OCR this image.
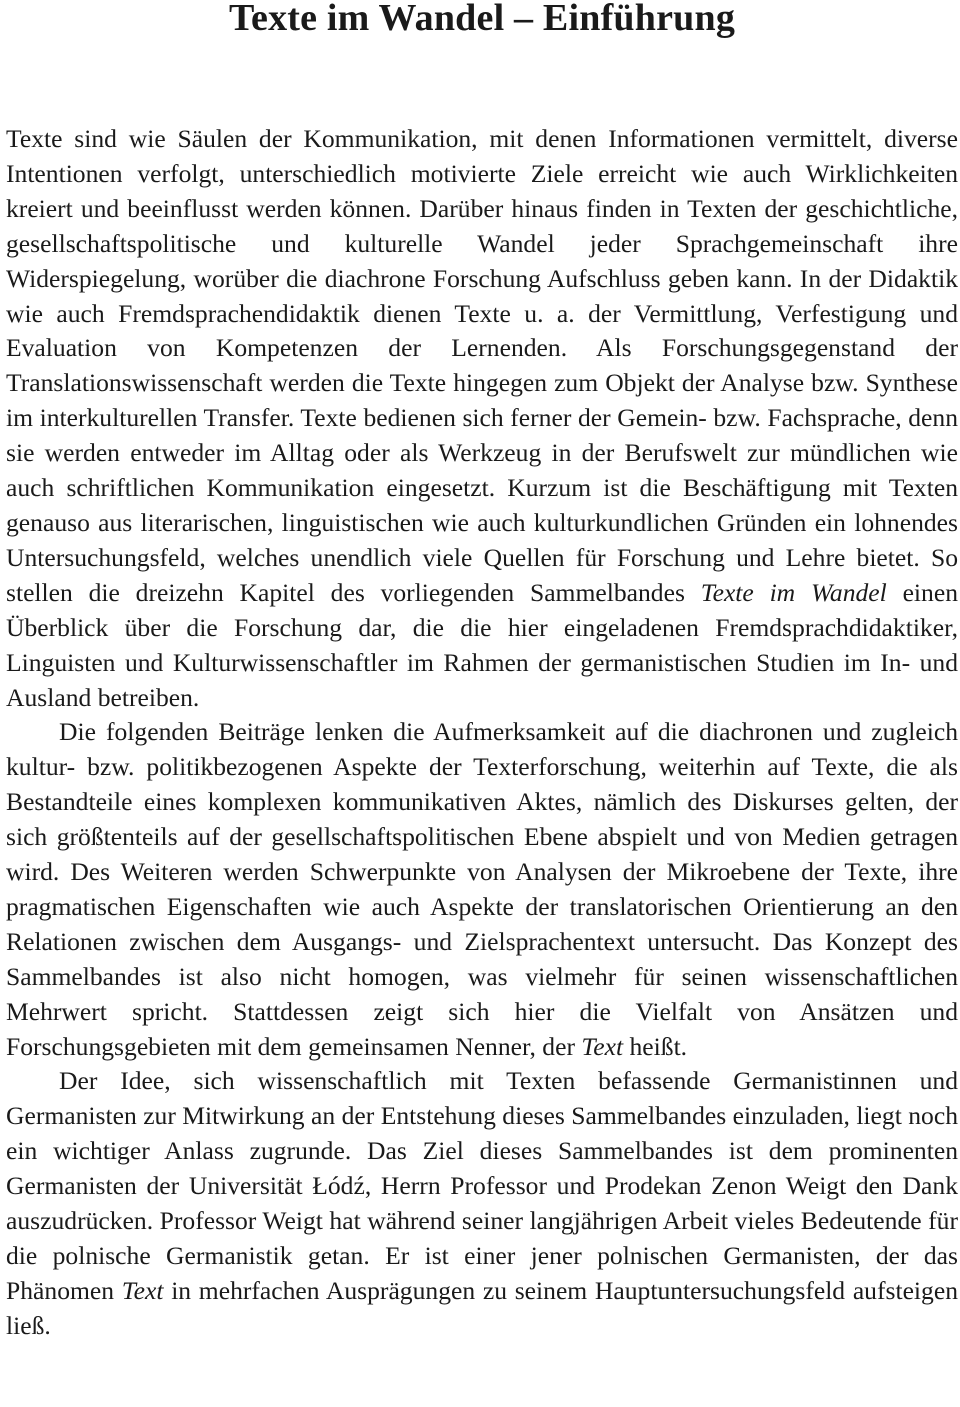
Texte im Wandel – Einführung

Texte sind wie Säulen der Kommunikation, mit denen Informationen vermittelt, diverse Intentionen verfolgt, unterschiedlich motivierte Ziele erreicht wie auch Wirklichkeiten kreiert und beeinflusst werden können. Darüber hinaus finden in Texten der geschichtliche, gesellschaftspolitische und kulturelle Wandel jeder Sprachgemeinschaft ihre Widerspiegelung, worüber die diachrone Forschung Aufschluss geben kann. In der Didaktik wie auch Fremdsprachendidaktik dienen Texte u. a. der Vermittlung, Verfestigung und Evaluation von Kompetenzen der Lernenden. Als Forschungsgegenstand der Translationswissenschaft werden die Texte hingegen zum Objekt der Analyse bzw. Synthese im interkulturellen Transfer. Texte bedienen sich ferner der Gemein- bzw. Fachsprache, denn sie werden entweder im Alltag oder als Werkzeug in der Berufswelt zur mündlichen wie auch schriftlichen Kommunikation eingesetzt. Kurzum ist die Beschäftigung mit Texten genauso aus literarischen, linguistischen wie auch kulturkundlichen Gründen ein lohnendes Untersuchungsfeld, welches unendlich viele Quellen für Forschung und Lehre bietet. So stellen die dreizehn Kapitel des vorliegenden Sammelbandes Texte im Wandel einen Überblick über die Forschung dar, die die hier eingeladenen Fremdsprachdidaktiker, Linguisten und Kulturwissenschaftler im Rahmen der germanistischen Studien im In- und Ausland betreiben.

Die folgenden Beiträge lenken die Aufmerksamkeit auf die diachronen und zugleich kultur- bzw. politikbezogenen Aspekte der Texterforschung, weiterhin auf Texte, die als Bestandteile eines komplexen kommunikativen Aktes, nämlich des Diskurses gelten, der sich größtenteils auf der gesellschaftspolitischen Ebene abspielt und von Medien getragen wird. Des Weiteren werden Schwerpunkte von Analysen der Mikroebene der Texte, ihre pragmatischen Eigenschaften wie auch Aspekte der translatorischen Orientierung an den Relationen zwischen dem Ausgangs- und Zielsprachentext untersucht. Das Konzept des Sammelbandes ist also nicht homogen, was vielmehr für seinen wissenschaftlichen Mehrwert spricht. Stattdessen zeigt sich hier die Vielfalt von Ansätzen und Forschungsgebieten mit dem gemeinsamen Nenner, der Text heißt.

Der Idee, sich wissenschaftlich mit Texten befassende Germanistinnen und Germanisten zur Mitwirkung an der Entstehung dieses Sammelbandes einzuladen, liegt noch ein wichtiger Anlass zugrunde. Das Ziel dieses Sammelbandes ist dem prominenten Germanisten der Universität Łódź, Herrn Professor und Prodekan Zenon Weigt den Dank auszudrücken. Professor Weigt hat während seiner langjährigen Arbeit vieles Bedeutende für die polnische Germanistik getan. Er ist einer jener polnischen Germanisten, der das Phänomen Text in mehrfachen Ausprägungen zu seinem Hauptuntersuchungsfeld aufsteigen ließ.
